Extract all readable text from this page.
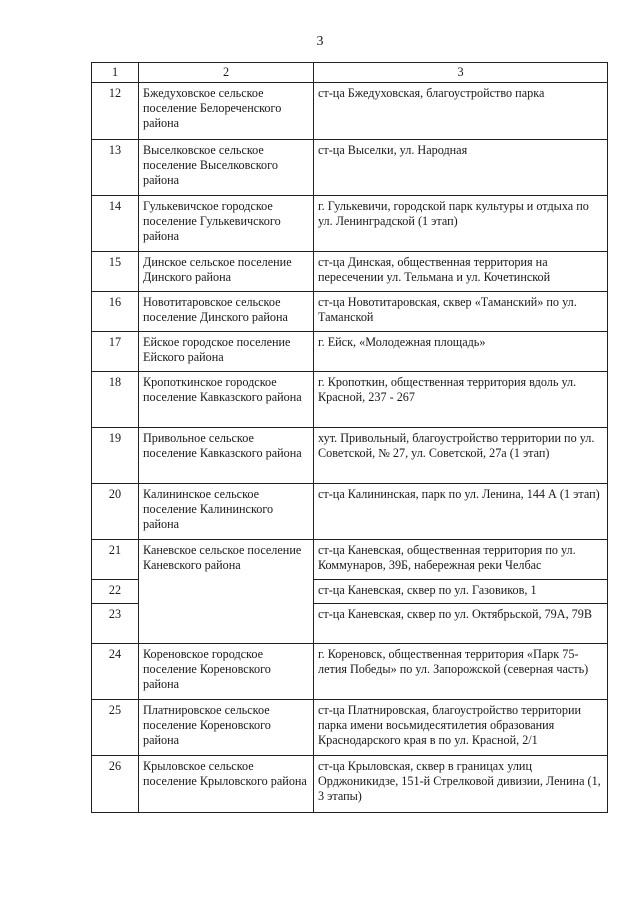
3
1	2	3
12	Бжедуховское сельское поселение Белореченского района	ст-ца Бжедуховская, благоустройство парка
13	Выселковское сельское поселение Выселковского района	ст-ца Выселки, ул. Народная
14	Гулькевичское городское поселение Гулькевичского района	г. Гулькевичи, городской парк культуры и отдыха по ул. Ленинградской (1 этап)
15	Динское сельское поселение Динского района	ст-ца Динская, общественная территория на пересечении ул. Тельмана и ул. Кочетинской
16	Новотитаровское сельское поселение Динского района	ст-ца Новотитаровская, сквер «Таманский» по ул. Таманской
17	Ейское городское поселение Ейского района	г. Ейск, «Молодежная площадь»
18	Кропоткинское городское поселение Кавказского района	г. Кропоткин, общественная территория вдоль ул. Красной, 237 - 267
19	Привольное сельское поселение Кавказского района	хут. Привольный, благоустройство территории по ул. Советской, № 27, ул. Советской, 27а (1 этап)
20	Калининское сельское поселение Калининского района	ст-ца Калининская, парк по ул. Ленина, 144 А (1 этап)
21	Каневское сельское поселение Каневского района	ст-ца Каневская, общественная территория по ул. Коммунаров, 39Б, набережная реки Челбас
22		ст-ца Каневская, сквер по ул. Газовиков, 1
23		ст-ца Каневская, сквер по ул. Октябрьской, 79А, 79В
24	Кореновское городское поселение Кореновского района	г. Кореновск, общественная территория «Парк 75-летия Победы» по ул. Запорожской (северная часть)
25	Платнировское сельское поселение Кореновского района	ст-ца Платнировская, благоустройство территории парка имени восьмидесятилетия образования Краснодарского края в по ул. Красной, 2/1
26	Крыловское сельское поселение Крыловского района	ст-ца Крыловская, сквер в границах улиц Орджоникидзе, 151-й Стрелковой дивизии, Ленина (1, 3 этапы)
